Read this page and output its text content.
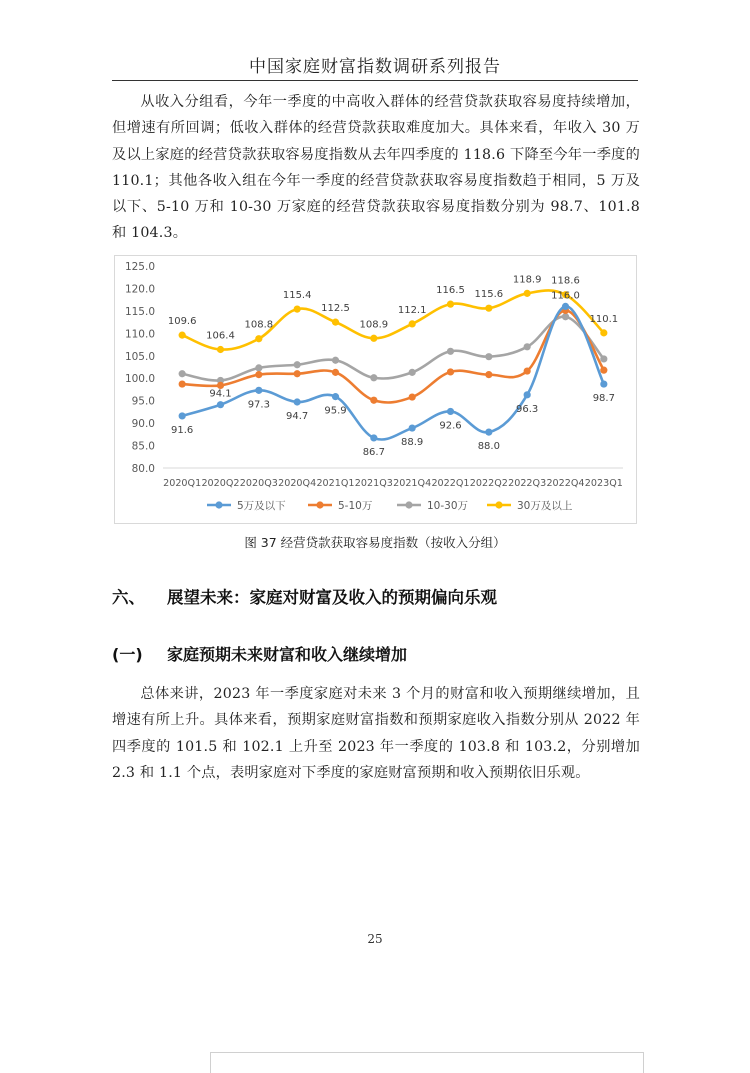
中国家庭财富指数调研系列报告

从收入分组看，今年一季度的中高收入群体的经营贷款获取容易度持续增加，但增速有所回调；低收入群体的经营贷款获取难度加大。具体来看，年收入 30 万及以上家庭的经营贷款获取容易度指数从去年四季度的 118.6 下降至今年一季度的 110.1；其他各收入组在今年一季度的经营贷款获取容易度指数趋于相同，5 万及以下、5-10 万和 10-30 万家庭的经营贷款获取容易度指数分别为 98.7、101.8 和 104.3。

80.0
85.0
90.0
95.0
100.0
105.0
110.0
115.0
120.0
125.0
2020Q1 2020Q2 2020Q3 2020Q4 2021Q1 2021Q3 2021Q4 2022Q1 2022Q2 2022Q3 2022Q4 2023Q1
91.6
94.1
97.3
94.7 95.9
86.7
88.9
92.6
88.0
96.3
116.0
98.7
109.6
106.4
108.8
115.4
112.5
108.9
112.1
116.5 115.6
118.9 118.6
110.1
5万及以下	5-10万	10-30万	30万及以上
图 37 经营贷款获取容易度指数（按收入分组）
六、 展望未来：家庭对财富及收入的预期偏向乐观
(一) 家庭预期未来财富和收入继续增加

总体来讲，2023 年一季度家庭对未来 3 个月的财富和收入预期继续增加，且增速有所上升。具体来看，预期家庭财富指数和预期家庭收入指数分别从 2022 年四季度的 101.5 和 102.1 上升至 2023 年一季度的 103.8 和 103.2，分别增加 2.3 和 1.1 个点，表明家庭对下季度的家庭财富预期和收入预期依旧乐观。

25
